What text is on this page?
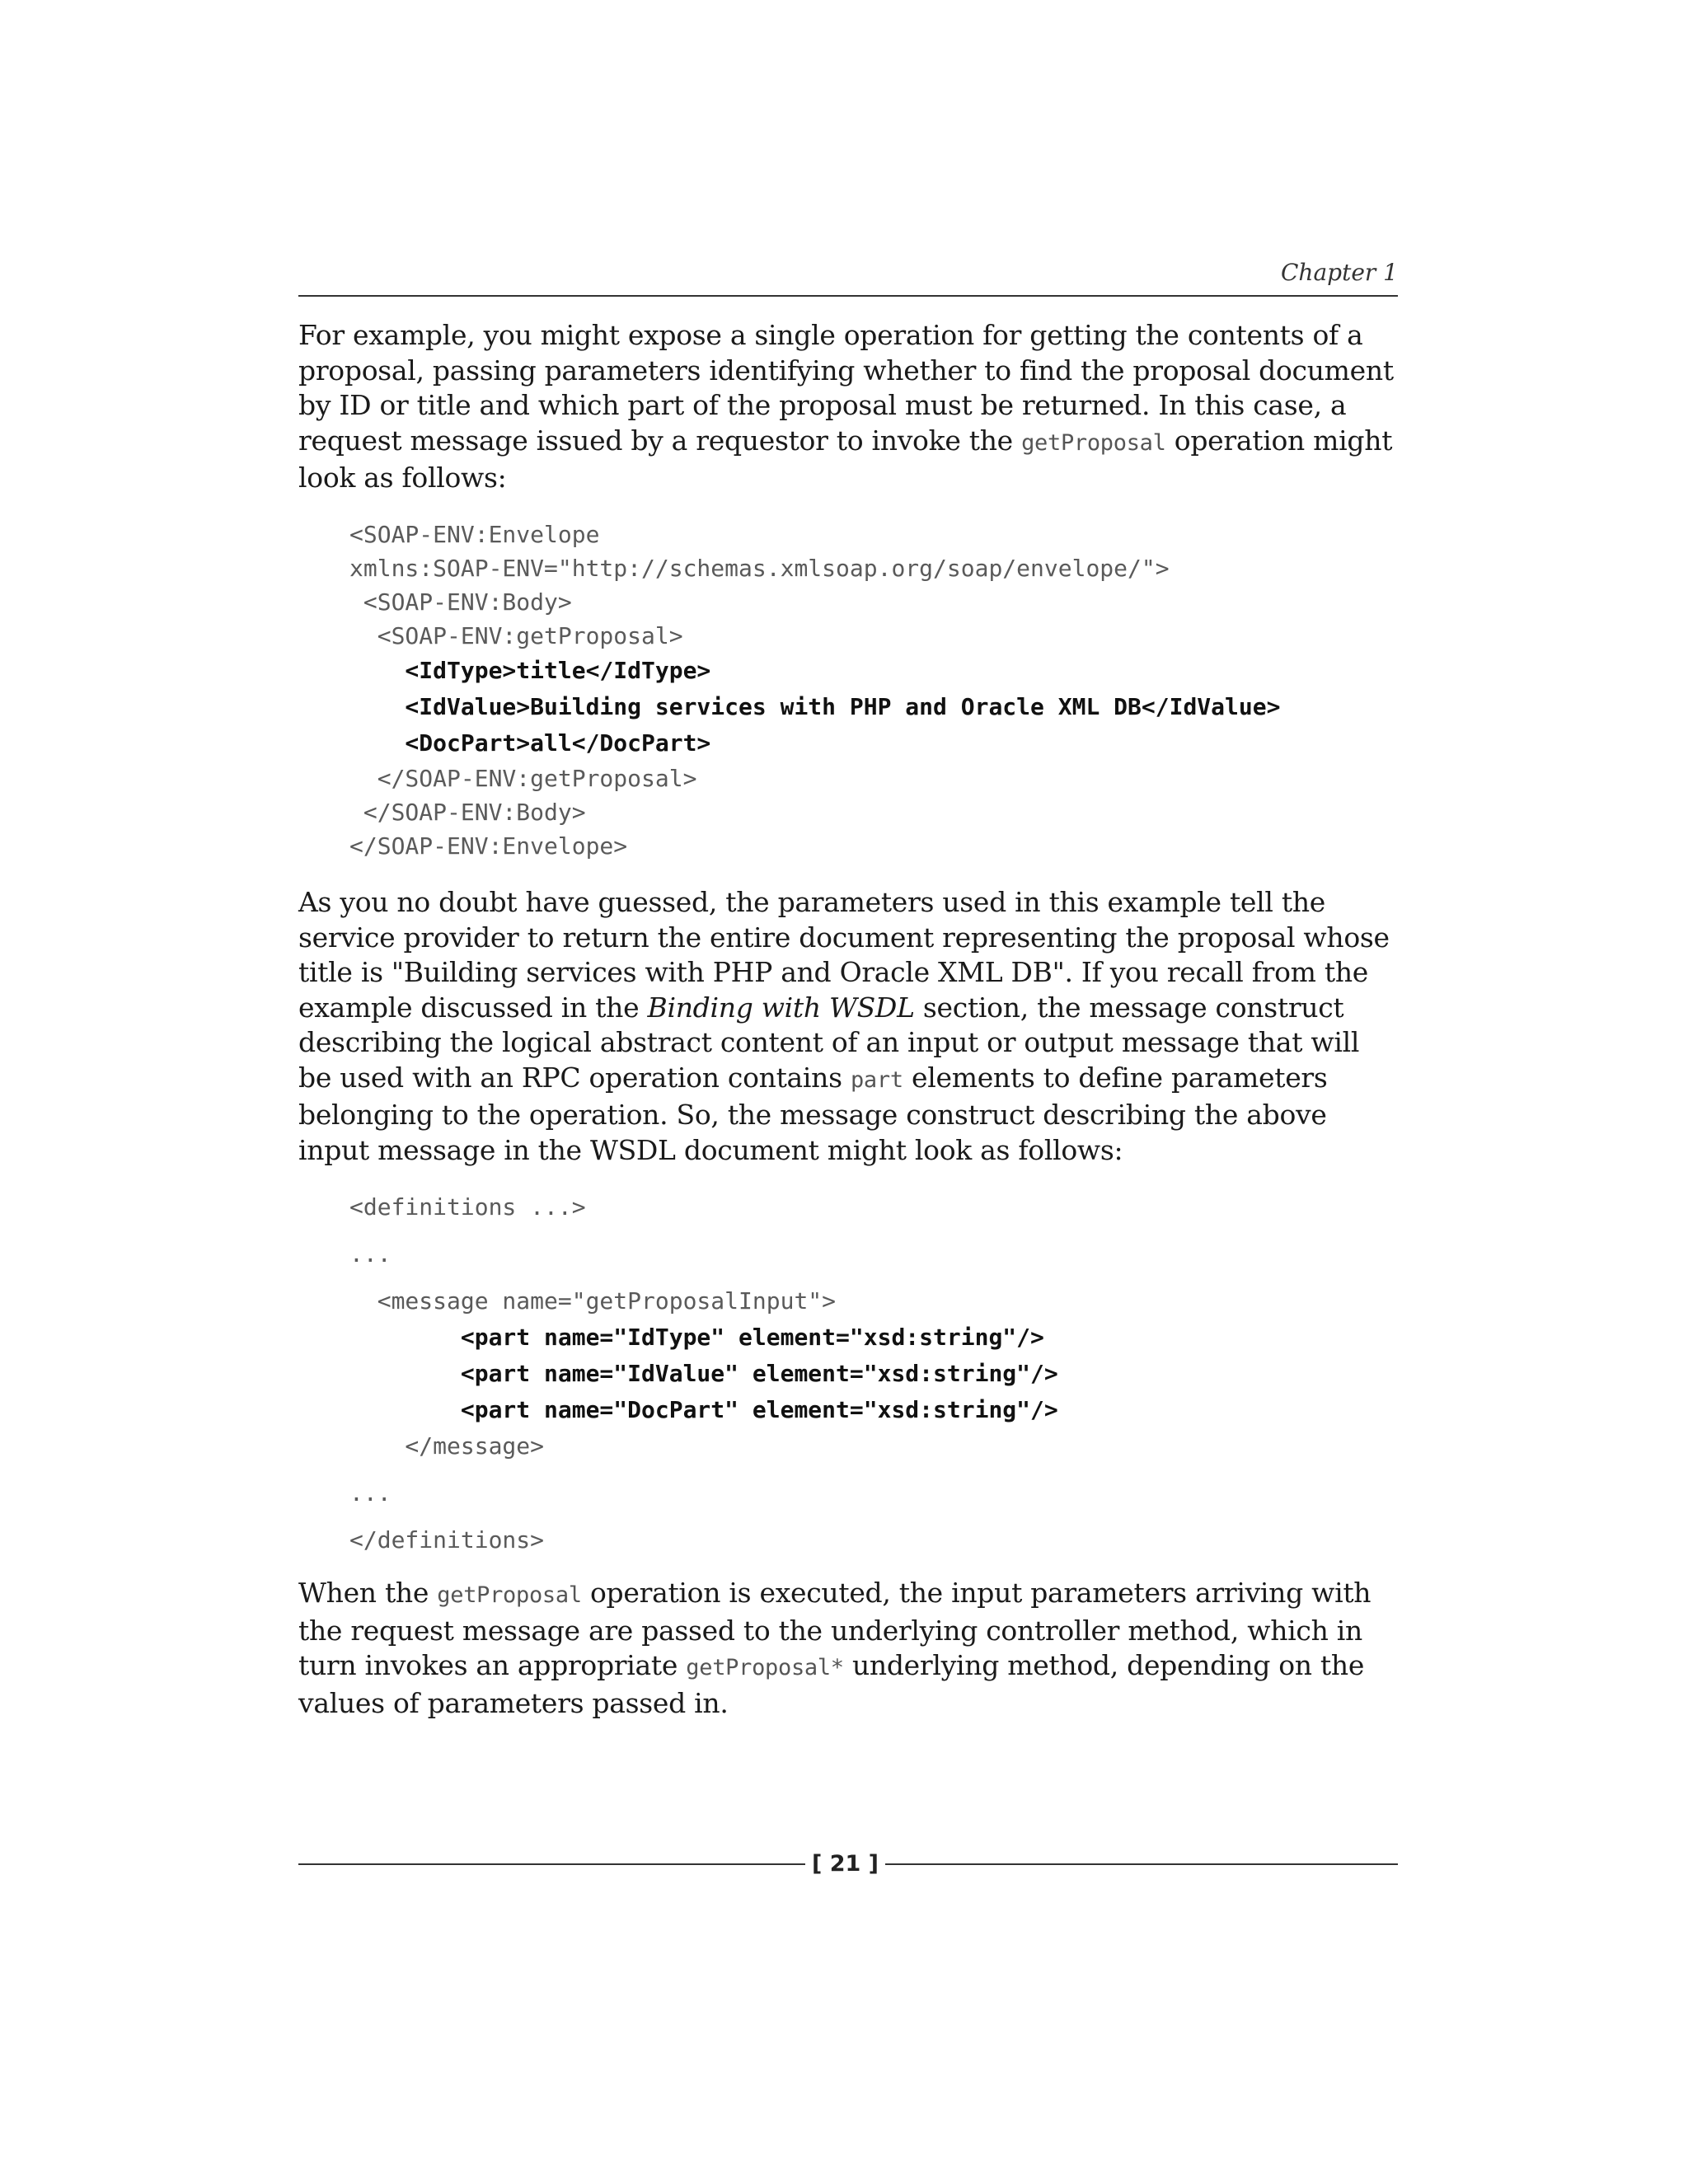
Chapter 1

For example, you might expose a single operation for getting the contents of a proposal, passing parameters identifying whether to find the proposal document by ID or title and which part of the proposal must be returned. In this case, a request message issued by a requestor to invoke the getProposal operation might look as follows:

<SOAP-ENV:Envelope
xmlns:SOAP-ENV="http://schemas.xmlsoap.org/soap/envelope/">
<SOAP-ENV:Body>
<SOAP-ENV:getProposal>
<IdType>title</IdType>
<IdValue>Building services with PHP and Oracle XML DB</IdValue>
<DocPart>all</DocPart>
</SOAP-ENV:getProposal>
</SOAP-ENV:Body>
</SOAP-ENV:Envelope>

As you no doubt have guessed, the parameters used in this example tell the service provider to return the entire document representing the proposal whose title is "Building services with PHP and Oracle XML DB". If you recall from the example discussed in the Binding with WSDL section, the message construct describing the logical abstract content of an input or output message that will be used with an RPC operation contains part elements to define parameters belonging to the operation. So, the message construct describing the above input message in the WSDL document might look as follows:

<definitions ...>
...
<message name="getProposalInput">
<part name="IdType" element="xsd:string"/>
<part name="IdValue" element="xsd:string"/>
<part name="DocPart" element="xsd:string"/>
</message>
...
</definitions>

When the getProposal operation is executed, the input parameters arriving with the request message are passed to the underlying controller method, which in turn invokes an appropriate getProposal* underlying method, depending on the values of parameters passed in.

[ 21 ]
